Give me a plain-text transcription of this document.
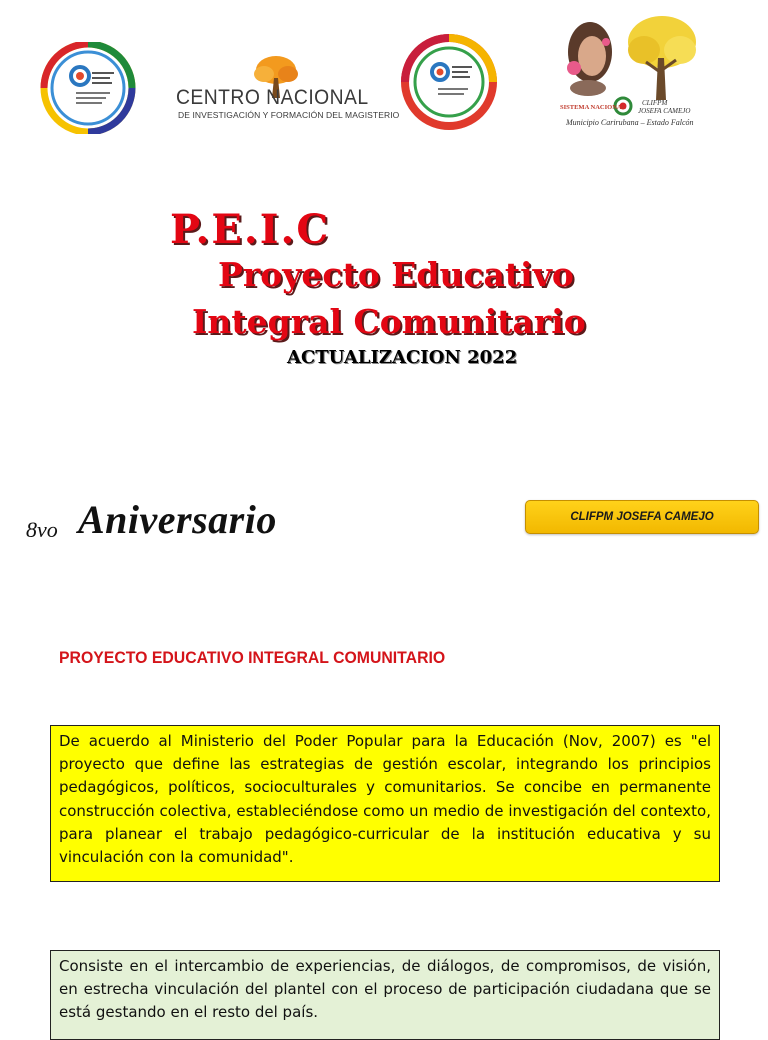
CENTRO NACIONAL
DE INVESTIGACIÓN Y FORMACIÓN DEL MAGISTERIO
SISTEMA NACIONAL
CLIFPM
JOSEFA CAMEJO
Municipio Carirubana – Estado Falcón
P.E.I.C
Proyecto Educativo
Integral Comunitario
ACTUALIZACION 2022
8vo Aniversario	CLIFPM JOSEFA CAMEJO
PROYECTO EDUCATIVO INTEGRAL COMUNITARIO
De acuerdo al Ministerio del Poder Popular para la Educación (Nov, 2007) es "el proyecto que define las estrategias de gestión escolar, integrando los principios pedagógicos, políticos, socioculturales y comunitarios. Se concibe en permanente construcción colectiva, estableciéndose como un medio de investigación del contexto, para planear el trabajo pedagógico-curricular de la institución educativa y su vinculación con la comunidad".
Consiste en el intercambio de experiencias, de diálogos, de compromisos, de visión, en estrecha vinculación del plantel con el proceso de participación ciudadana que se está gestando en el resto del país.
